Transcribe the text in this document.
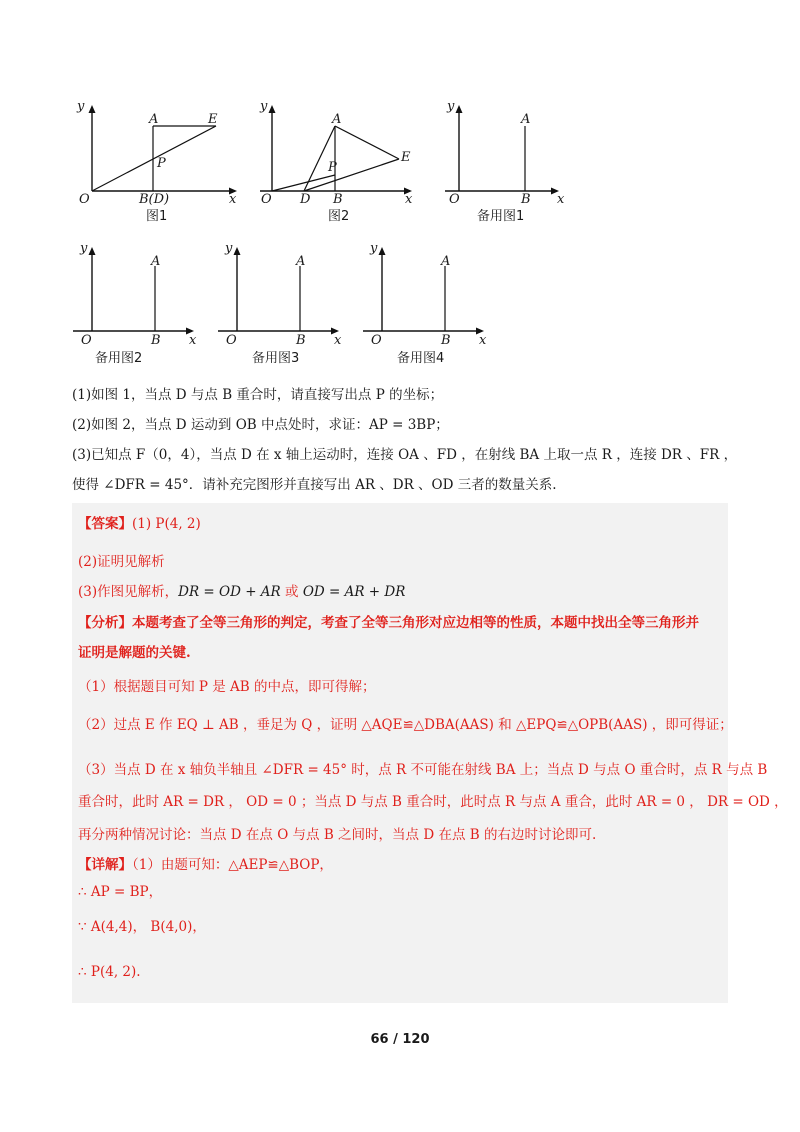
y
x
O
A	E
P
B(D)
图1
y
x
O
A
E
P
B
D
图2
y
x
O
A
B
备用图1
y
x
O
A
B
备用图2
y
x
O
A
B
备用图3
y
x
O
A
B
备用图4
(1)如图 1，当点 D 与点 B 重合时，请直接写出点 P 的坐标；
(2)如图 2，当点 D 运动到 OB 中点处时，求证：AP = 3BP；
(3)已知点 F（0，4），当点 D 在 x 轴上运动时，连接 OA 、FD ，在射线 BA 上取一点 R ，连接 DR 、FR ，
使得 ∠DFR = 45°．请补充完图形并直接写出 AR 、DR 、OD 三者的数量关系.
【答案】(1) P(4, 2)
(2)证明见解析
(3)作图见解析，DR = OD + AR 或 OD = AR + DR
【分析】本题考查了全等三角形的判定，考查了全等三角形对应边相等的性质，本题中找出全等三角形并
证明是解题的关键.
（1）根据题目可知 P 是 AB 的中点，即可得解；
（2）过点 E 作 EQ ⊥ AB ，垂足为 Q ，证明 △AQE≌△DBA(AAS) 和 △EPQ≌△OPB(AAS) ，即可得证；
（3）当点 D 在 x 轴负半轴且 ∠DFR = 45° 时，点 R 不可能在射线 BA 上；当点 D 与点 O 重合时，点 R 与点 B
重合时，此时 AR = DR ， OD = 0 ；当点 D 与点 B 重合时，此时点 R 与点 A 重合，此时 AR = 0 ， DR = OD ，
再分两种情况讨论：当点 D 在点 O 与点 B 之间时，当点 D 在点 B 的右边时讨论即可.
【详解】（1）由题可知：△AEP≌△BOP，
∴ AP = BP，
∵ A(4,4)， B(4,0)，
∴ P(4, 2).
66 / 120
